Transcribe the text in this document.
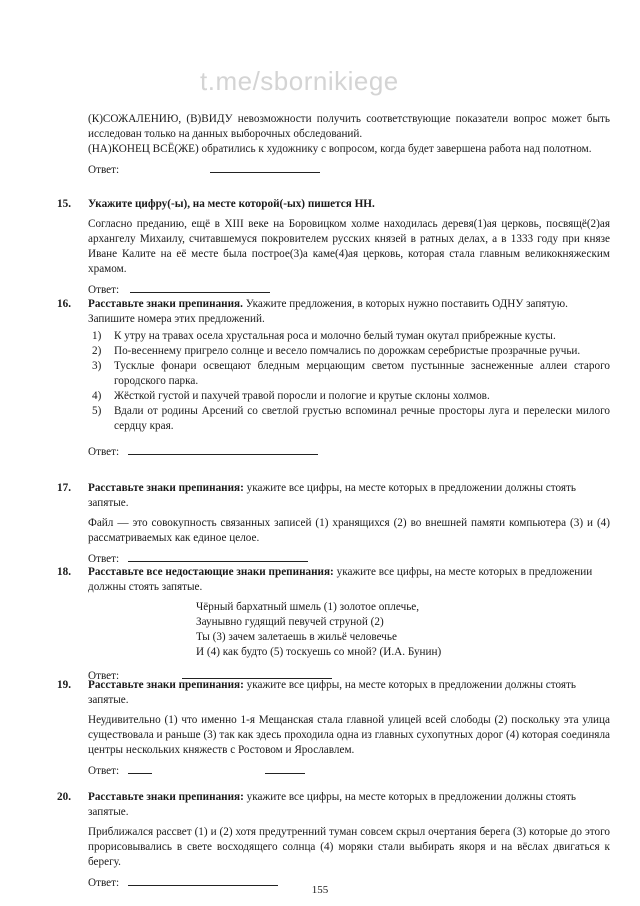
t.me/sbornikiege

(К)СОЖАЛЕНИЮ, (В)ВИДУ невозможности получить соответствующие показатели вопрос может быть исследован только на данных выборочных обследований.

(НА)КОНЕЦ ВСЁ(ЖЕ) обратились к художнику с вопросом, когда будет завершена работа над полотном.

Ответ:
15. Укажите цифру(-ы), на месте которой(-ых) пишется НН.

Согласно преданию, ещё в XIII веке на Боровицком холме находилась деревя(1)ая церковь, посвящё(2)ая архангелу Михаилу, считавшемуся покровителем русских князей в ратных делах, а в 1333 году при князе Иване Калите на её месте была построе(3)а каме(4)ая церковь, которая стала главным великокняжеским храмом.

Ответ:
16. Расставьте знаки препинания. Укажите предложения, в которых нужно поставить ОДНУ запятую. Запишите номера этих предложений.
1) К утру на травах осела хрустальная роса и молочно белый туман окутал прибрежные кусты.
2) По-весеннему пригрело солнце и весело помчались по дорожкам серебристые прозрачные ручьи.
3) Тусклые фонари освещают бледным мерцающим светом пустынные заснеженные аллеи старого городского парка.
4) Жёсткой густой и пахучей травой поросли и пологие и крутые склоны холмов.
5) Вдали от родины Арсений со светлой грустью вспоминал речные просторы луга и перелески милого сердцу края.
Ответ:
17. Расставьте знаки препинания: укажите все цифры, на месте которых в предложении должны стоять запятые.

Файл — это совокупность связанных записей (1) хранящихся (2) во внешней памяти компьютера (3) и (4) рассматриваемых как единое целое.

Ответ:
18. Расставьте все недостающие знаки препинания: укажите все цифры, на месте которых в предложении должны стоять запятые.
Чёрный бархатный шмель (1) золотое оплечье,
Заунывно гудящий певучей струной (2)
Ты (3) зачем залетаешь в жильё человечье
И (4) как будто (5) тоскуешь со мной? (И.А. Бунин)
Ответ:
19. Расставьте знаки препинания: укажите все цифры, на месте которых в предложении должны стоять запятые.

Неудивительно (1) что именно 1-я Мещанская стала главной улицей всей слободы (2) поскольку эта улица существовала и раньше (3) так как здесь проходила одна из главных сухопутных дорог (4) которая соединяла центры нескольких княжеств с Ростовом и Ярославлем.

Ответ:
20. Расставьте знаки препинания: укажите все цифры, на месте которых в предложении должны стоять запятые.

Приближался рассвет (1) и (2) хотя предутренний туман совсем скрыл очертания берега (3) которые до этого прорисовывались в свете восходящего солнца (4) моряки стали выбирать якоря и на вёслах двигаться к берегу.

Ответ:
155
